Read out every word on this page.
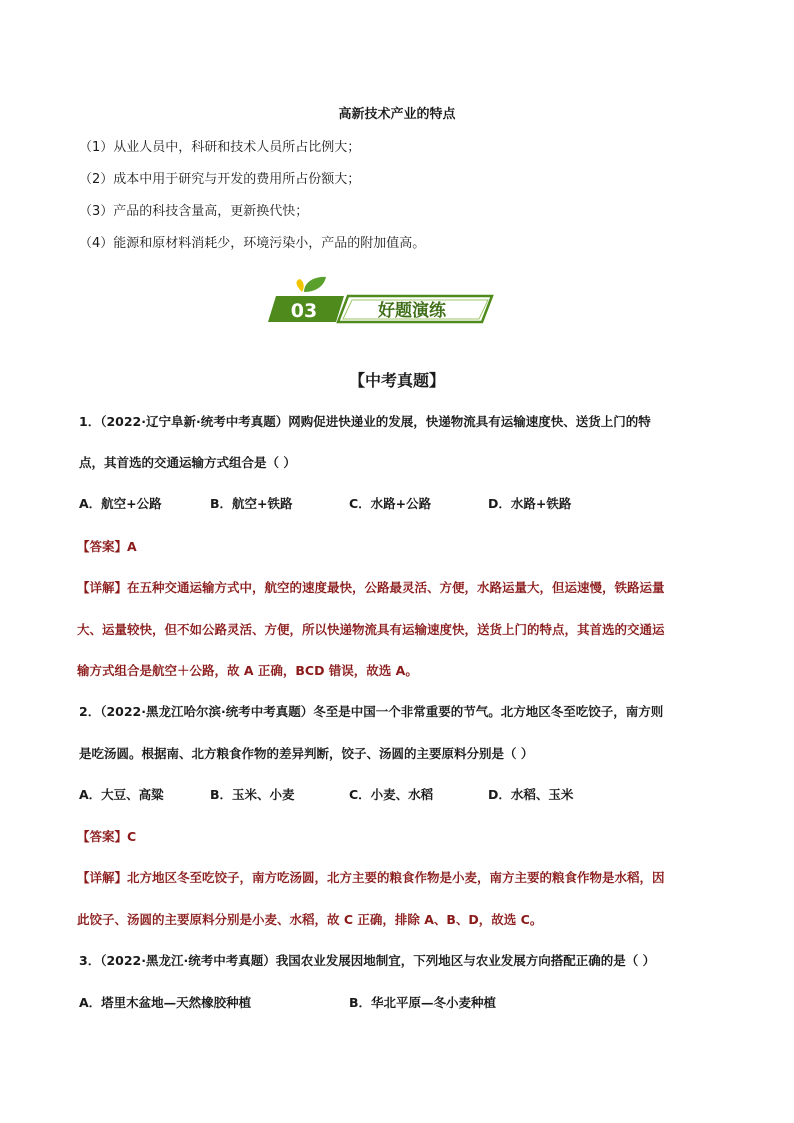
高新技术产业的特点
（1）从业人员中，科研和技术人员所占比例大；
（2）成本中用于研究与开发的费用所占份额大；
（3）产品的科技含量高，更新换代快；
（4）能源和原材料消耗少，环境污染小，产品的附加值高。
03	好题演练
【中考真题】
1．（2022·辽宁阜新·统考中考真题）网购促进快递业的发展，快递物流具有运输速度快、送货上门的特
点，其首选的交通运输方式组合是（ ）
A．航空+公路	B．航空+铁路	C．水路+公路	D．水路+铁路
【答案】A
【详解】在五种交通运输方式中，航空的速度最快，公路最灵活、方便，水路运量大，但运速慢，铁路运量
大、运量较快，但不如公路灵活、方便，所以快递物流具有运输速度快，送货上门的特点，其首选的交通运
输方式组合是航空＋公路，故 A 正确，BCD 错误，故选 A。
2．（2022·黑龙江哈尔滨·统考中考真题）冬至是中国一个非常重要的节气。北方地区冬至吃饺子，南方则
是吃汤圆。根据南、北方粮食作物的差异判断，饺子、汤圆的主要原料分别是（ ）
A．大豆、高粱	B．玉米、小麦	C．小麦、水稻	D．水稻、玉米
【答案】C
【详解】北方地区冬至吃饺子，南方吃汤圆，北方主要的粮食作物是小麦，南方主要的粮食作物是水稻，因
此饺子、汤圆的主要原料分别是小麦、水稻，故 C 正确，排除 A、B、D，故选 C。
3．（2022·黑龙江·统考中考真题）我国农业发展因地制宜，下列地区与农业发展方向搭配正确的是（ ）
A．塔里木盆地—天然橡胶种植	B．华北平原—冬小麦种植
